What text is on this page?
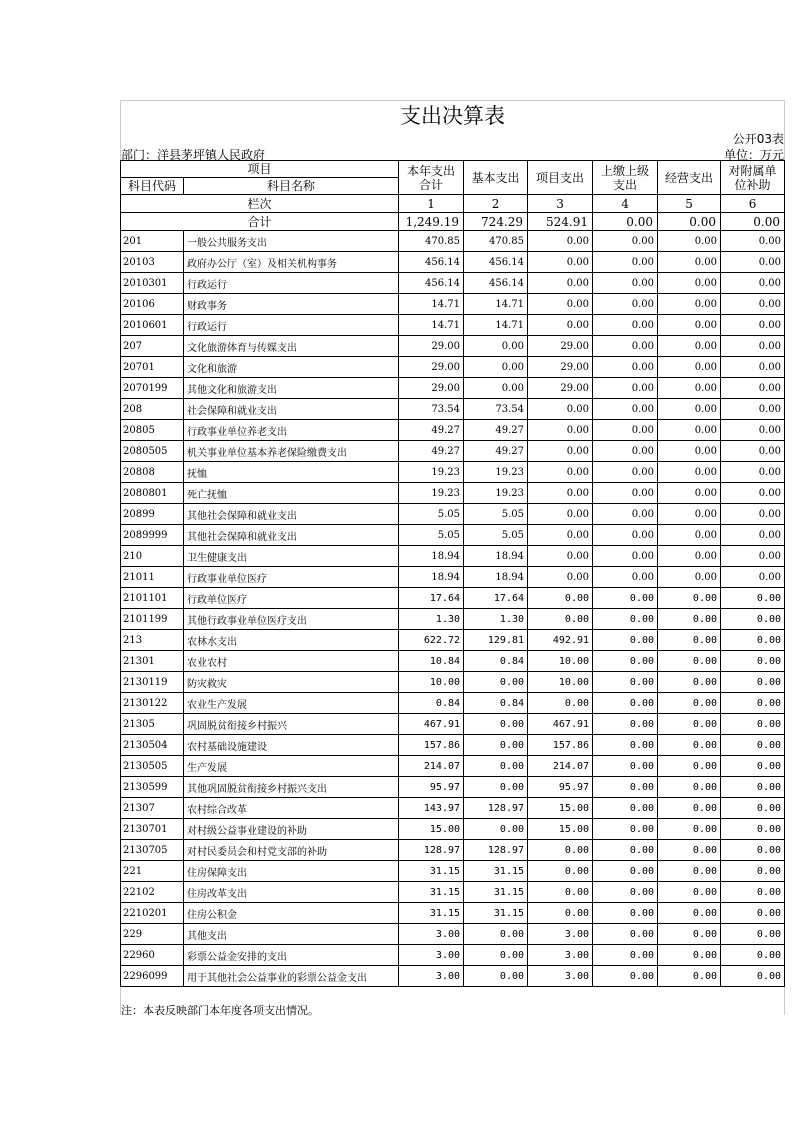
支出决算表
公开03表
部门：洋县茅坪镇人民政府	单位：万元
项目		本年支出合计	基本支出	项目支出	上缴上级支出	经营支出	对附属单位补助
科目代码	科目名称						
栏次		1	2	3	4	5	6
合计		1,249.19	724.29	524.91	0.00	0.00	0.00
201	一般公共服务支出	470.85	470.85	0.00	0.00	0.00	0.00
20103	政府办公厅（室）及相关机构事务	456.14	456.14	0.00	0.00	0.00	0.00
2010301	行政运行	456.14	456.14	0.00	0.00	0.00	0.00
20106	财政事务	14.71	14.71	0.00	0.00	0.00	0.00
2010601	行政运行	14.71	14.71	0.00	0.00	0.00	0.00
207	文化旅游体育与传媒支出	29.00	0.00	29.00	0.00	0.00	0.00
20701	文化和旅游	29.00	0.00	29.00	0.00	0.00	0.00
2070199	其他文化和旅游支出	29.00	0.00	29.00	0.00	0.00	0.00
208	社会保障和就业支出	73.54	73.54	0.00	0.00	0.00	0.00
20805	行政事业单位养老支出	49.27	49.27	0.00	0.00	0.00	0.00
2080505	机关事业单位基本养老保险缴费支出	49.27	49.27	0.00	0.00	0.00	0.00
20808	抚恤	19.23	19.23	0.00	0.00	0.00	0.00
2080801	死亡抚恤	19.23	19.23	0.00	0.00	0.00	0.00
20899	其他社会保障和就业支出	5.05	5.05	0.00	0.00	0.00	0.00
2089999	其他社会保障和就业支出	5.05	5.05	0.00	0.00	0.00	0.00
210	卫生健康支出	18.94	18.94	0.00	0.00	0.00	0.00
21011	行政事业单位医疗	18.94	18.94	0.00	0.00	0.00	0.00
2101101	行政单位医疗	17.64	17.64	0.00	0.00	0.00	0.00
2101199	其他行政事业单位医疗支出	1.30	1.30	0.00	0.00	0.00	0.00
213	农林水支出	622.72	129.81	492.91	0.00	0.00	0.00
21301	农业农村	10.84	0.84	10.00	0.00	0.00	0.00
2130119	防灾救灾	10.00	0.00	10.00	0.00	0.00	0.00
2130122	农业生产发展	0.84	0.84	0.00	0.00	0.00	0.00
21305	巩固脱贫衔接乡村振兴	467.91	0.00	467.91	0.00	0.00	0.00
2130504	农村基础设施建设	157.86	0.00	157.86	0.00	0.00	0.00
2130505	生产发展	214.07	0.00	214.07	0.00	0.00	0.00
2130599	其他巩固脱贫衔接乡村振兴支出	95.97	0.00	95.97	0.00	0.00	0.00
21307	农村综合改革	143.97	128.97	15.00	0.00	0.00	0.00
2130701	对村级公益事业建设的补助	15.00	0.00	15.00	0.00	0.00	0.00
2130705	对村民委员会和村党支部的补助	128.97	128.97	0.00	0.00	0.00	0.00
221	住房保障支出	31.15	31.15	0.00	0.00	0.00	0.00
22102	住房改革支出	31.15	31.15	0.00	0.00	0.00	0.00
2210201	住房公积金	31.15	31.15	0.00	0.00	0.00	0.00
229	其他支出	3.00	0.00	3.00	0.00	0.00	0.00
22960	彩票公益金安排的支出	3.00	0.00	3.00	0.00	0.00	0.00
2296099	用于其他社会公益事业的彩票公益金支出	3.00	0.00	3.00	0.00	0.00	0.00
注：本表反映部门本年度各项支出情况。
